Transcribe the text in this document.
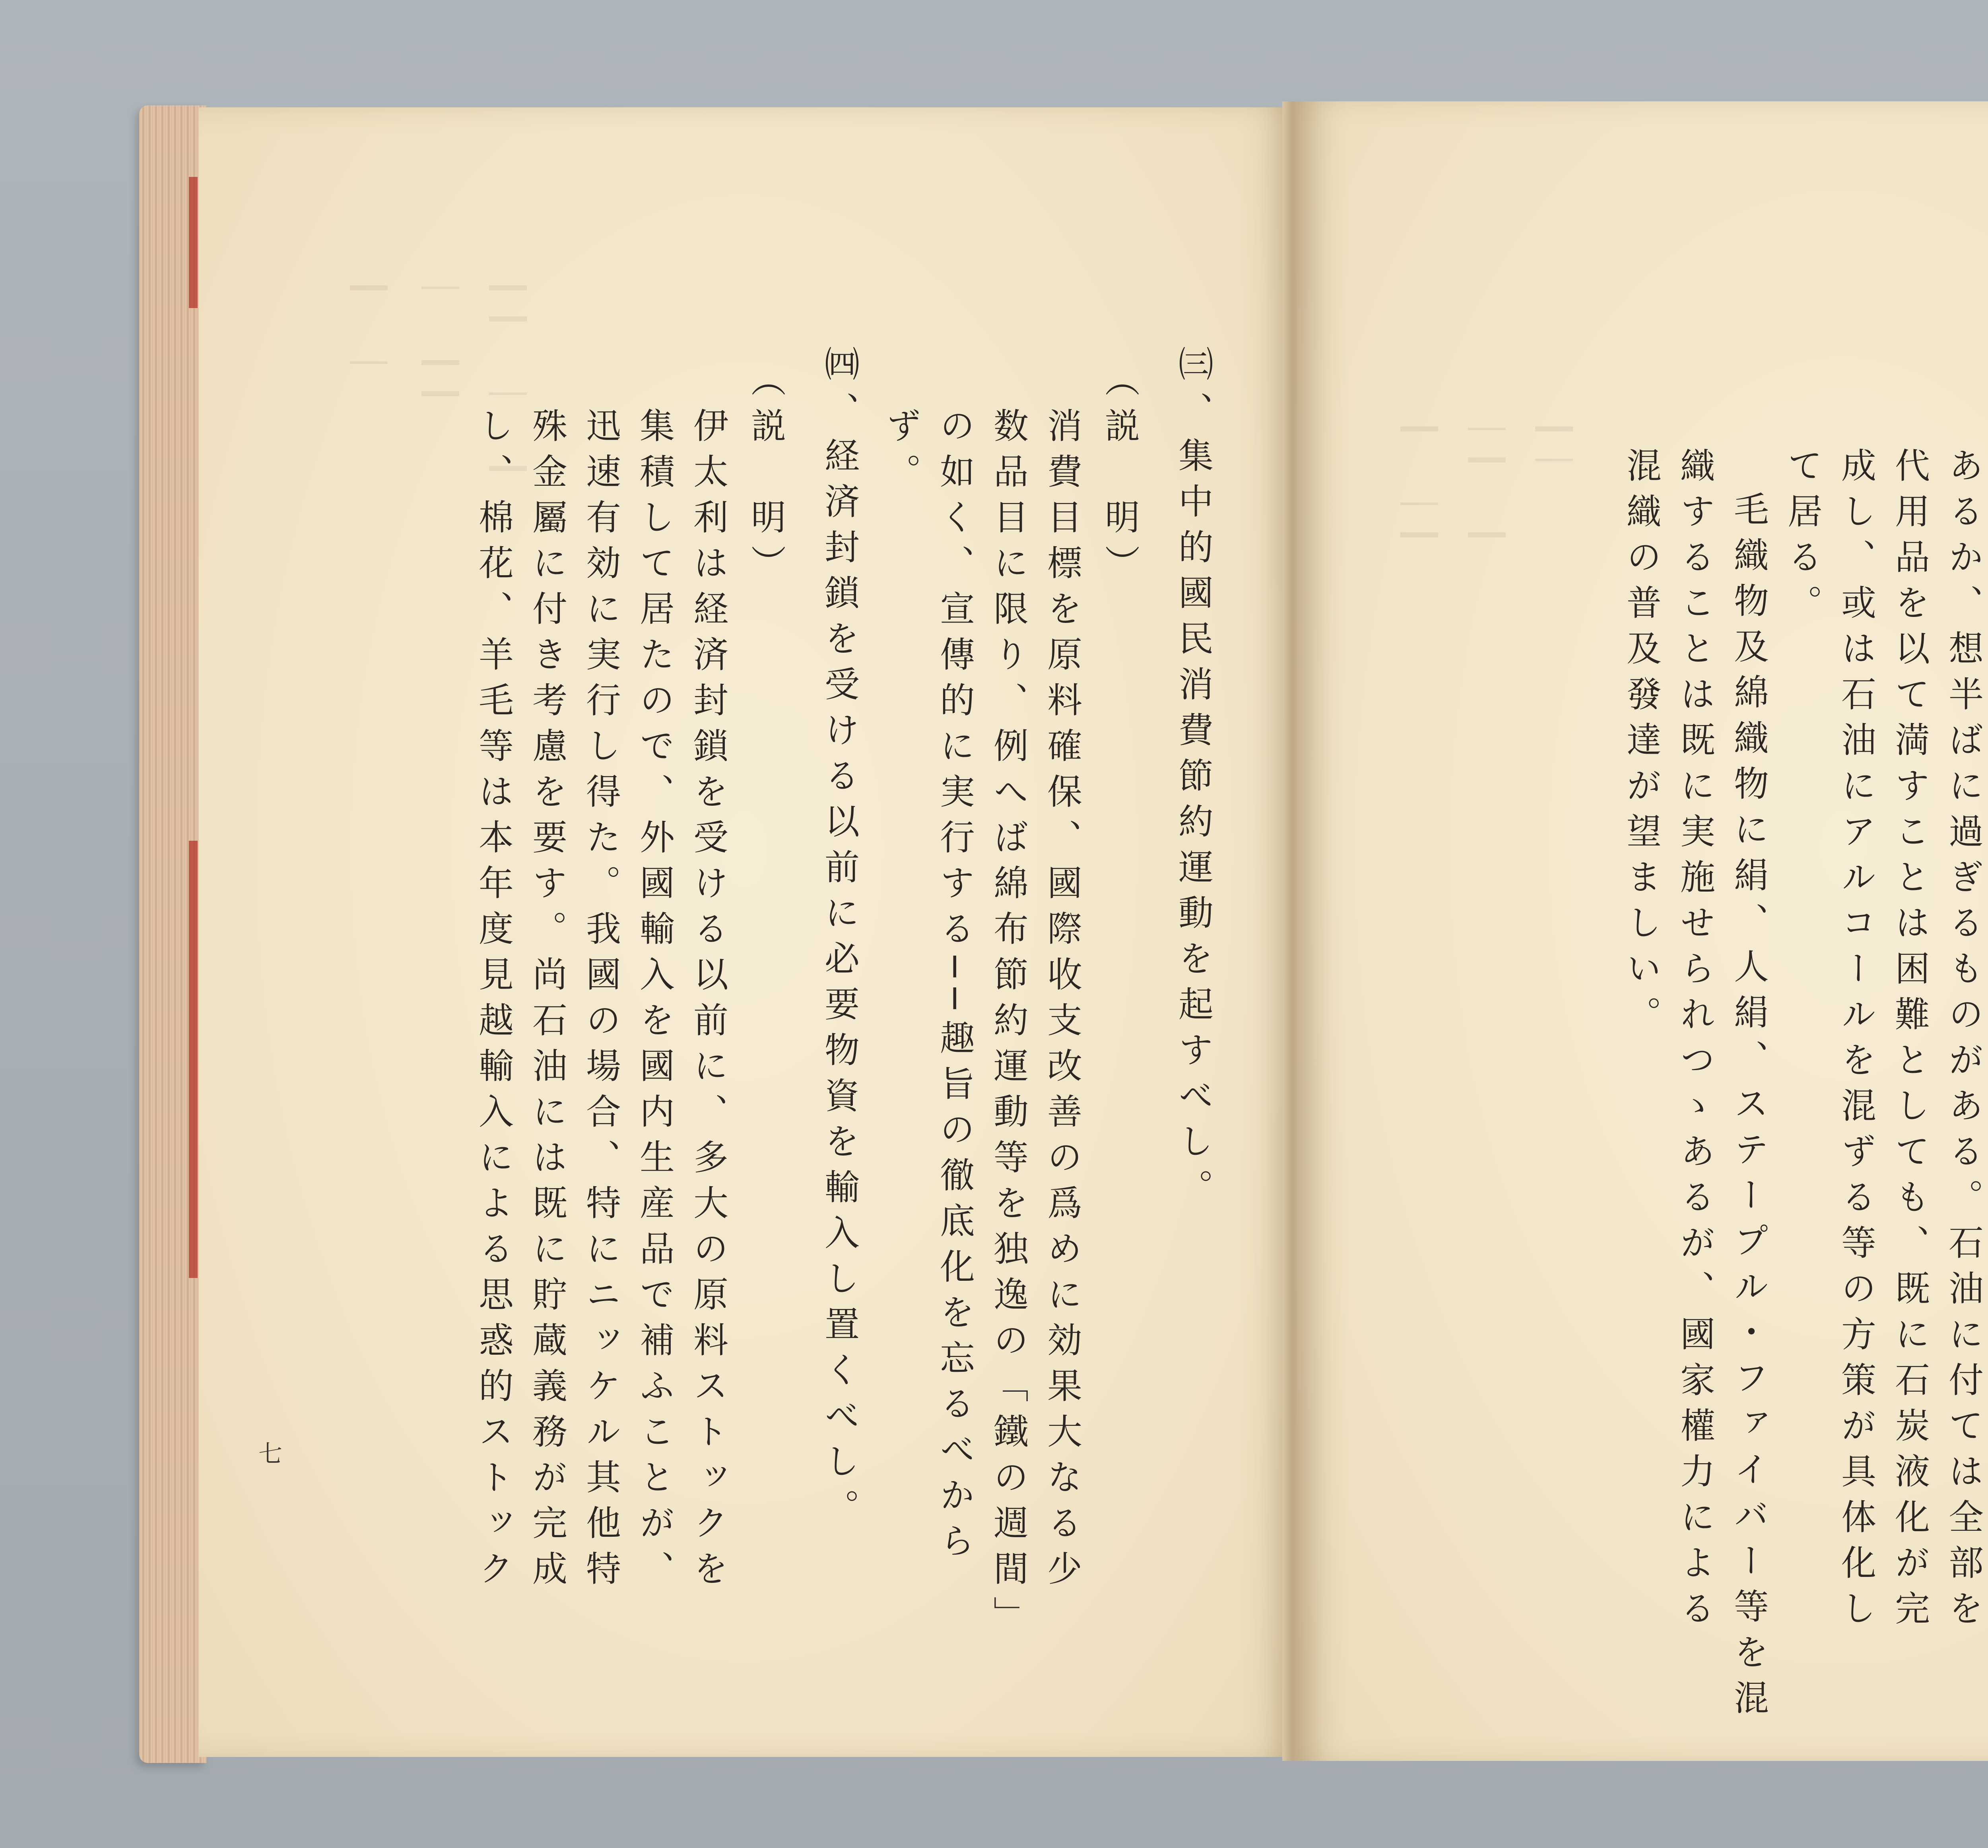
┃┃　│　┃
│　┃┃
┃　│
㈢、集中的國民消費節約運動を起すべし。
（説　明）
消費目標を原料確保、國際收支改善の爲めに効果大なる少
数品目に限り、例へば綿布節約運動等を独逸の「鐵の週間」
の如く、宣傳的に実行する──趣旨の徹底化を忘るべから
ず。
㈣、経済封鎖を受ける以前に必要物資を輸入し置くべし。
（説　明）
伊太利は経済封鎖を受ける以前に、多大の原料ストックを
集積して居たので、外國輸入を國内生産品で補ふことが、
迅速有効に実行し得た。我國の場合、特にニッケル其他特
殊金屬に付き考慮を要す。尚石油には既に貯蔵義務が完成
し、棉花、羊毛等は本年度見越輸入による思惑的ストック
七
┃　│┃ │┃　┃ ┃│	あるか、想半ばに過ぎるものがある。石油に付ては全部を
代用品を以て満すことは困難としても、既に石炭液化が完
成し、或は石油にアルコールを混ずる等の方策が具体化し
て居る。
毛織物及綿織物に絹、人絹、ステープル・ファイバー等を混
織することは既に実施せられつゝあるが、國家權力による
混織の普及發達が望ましい。
